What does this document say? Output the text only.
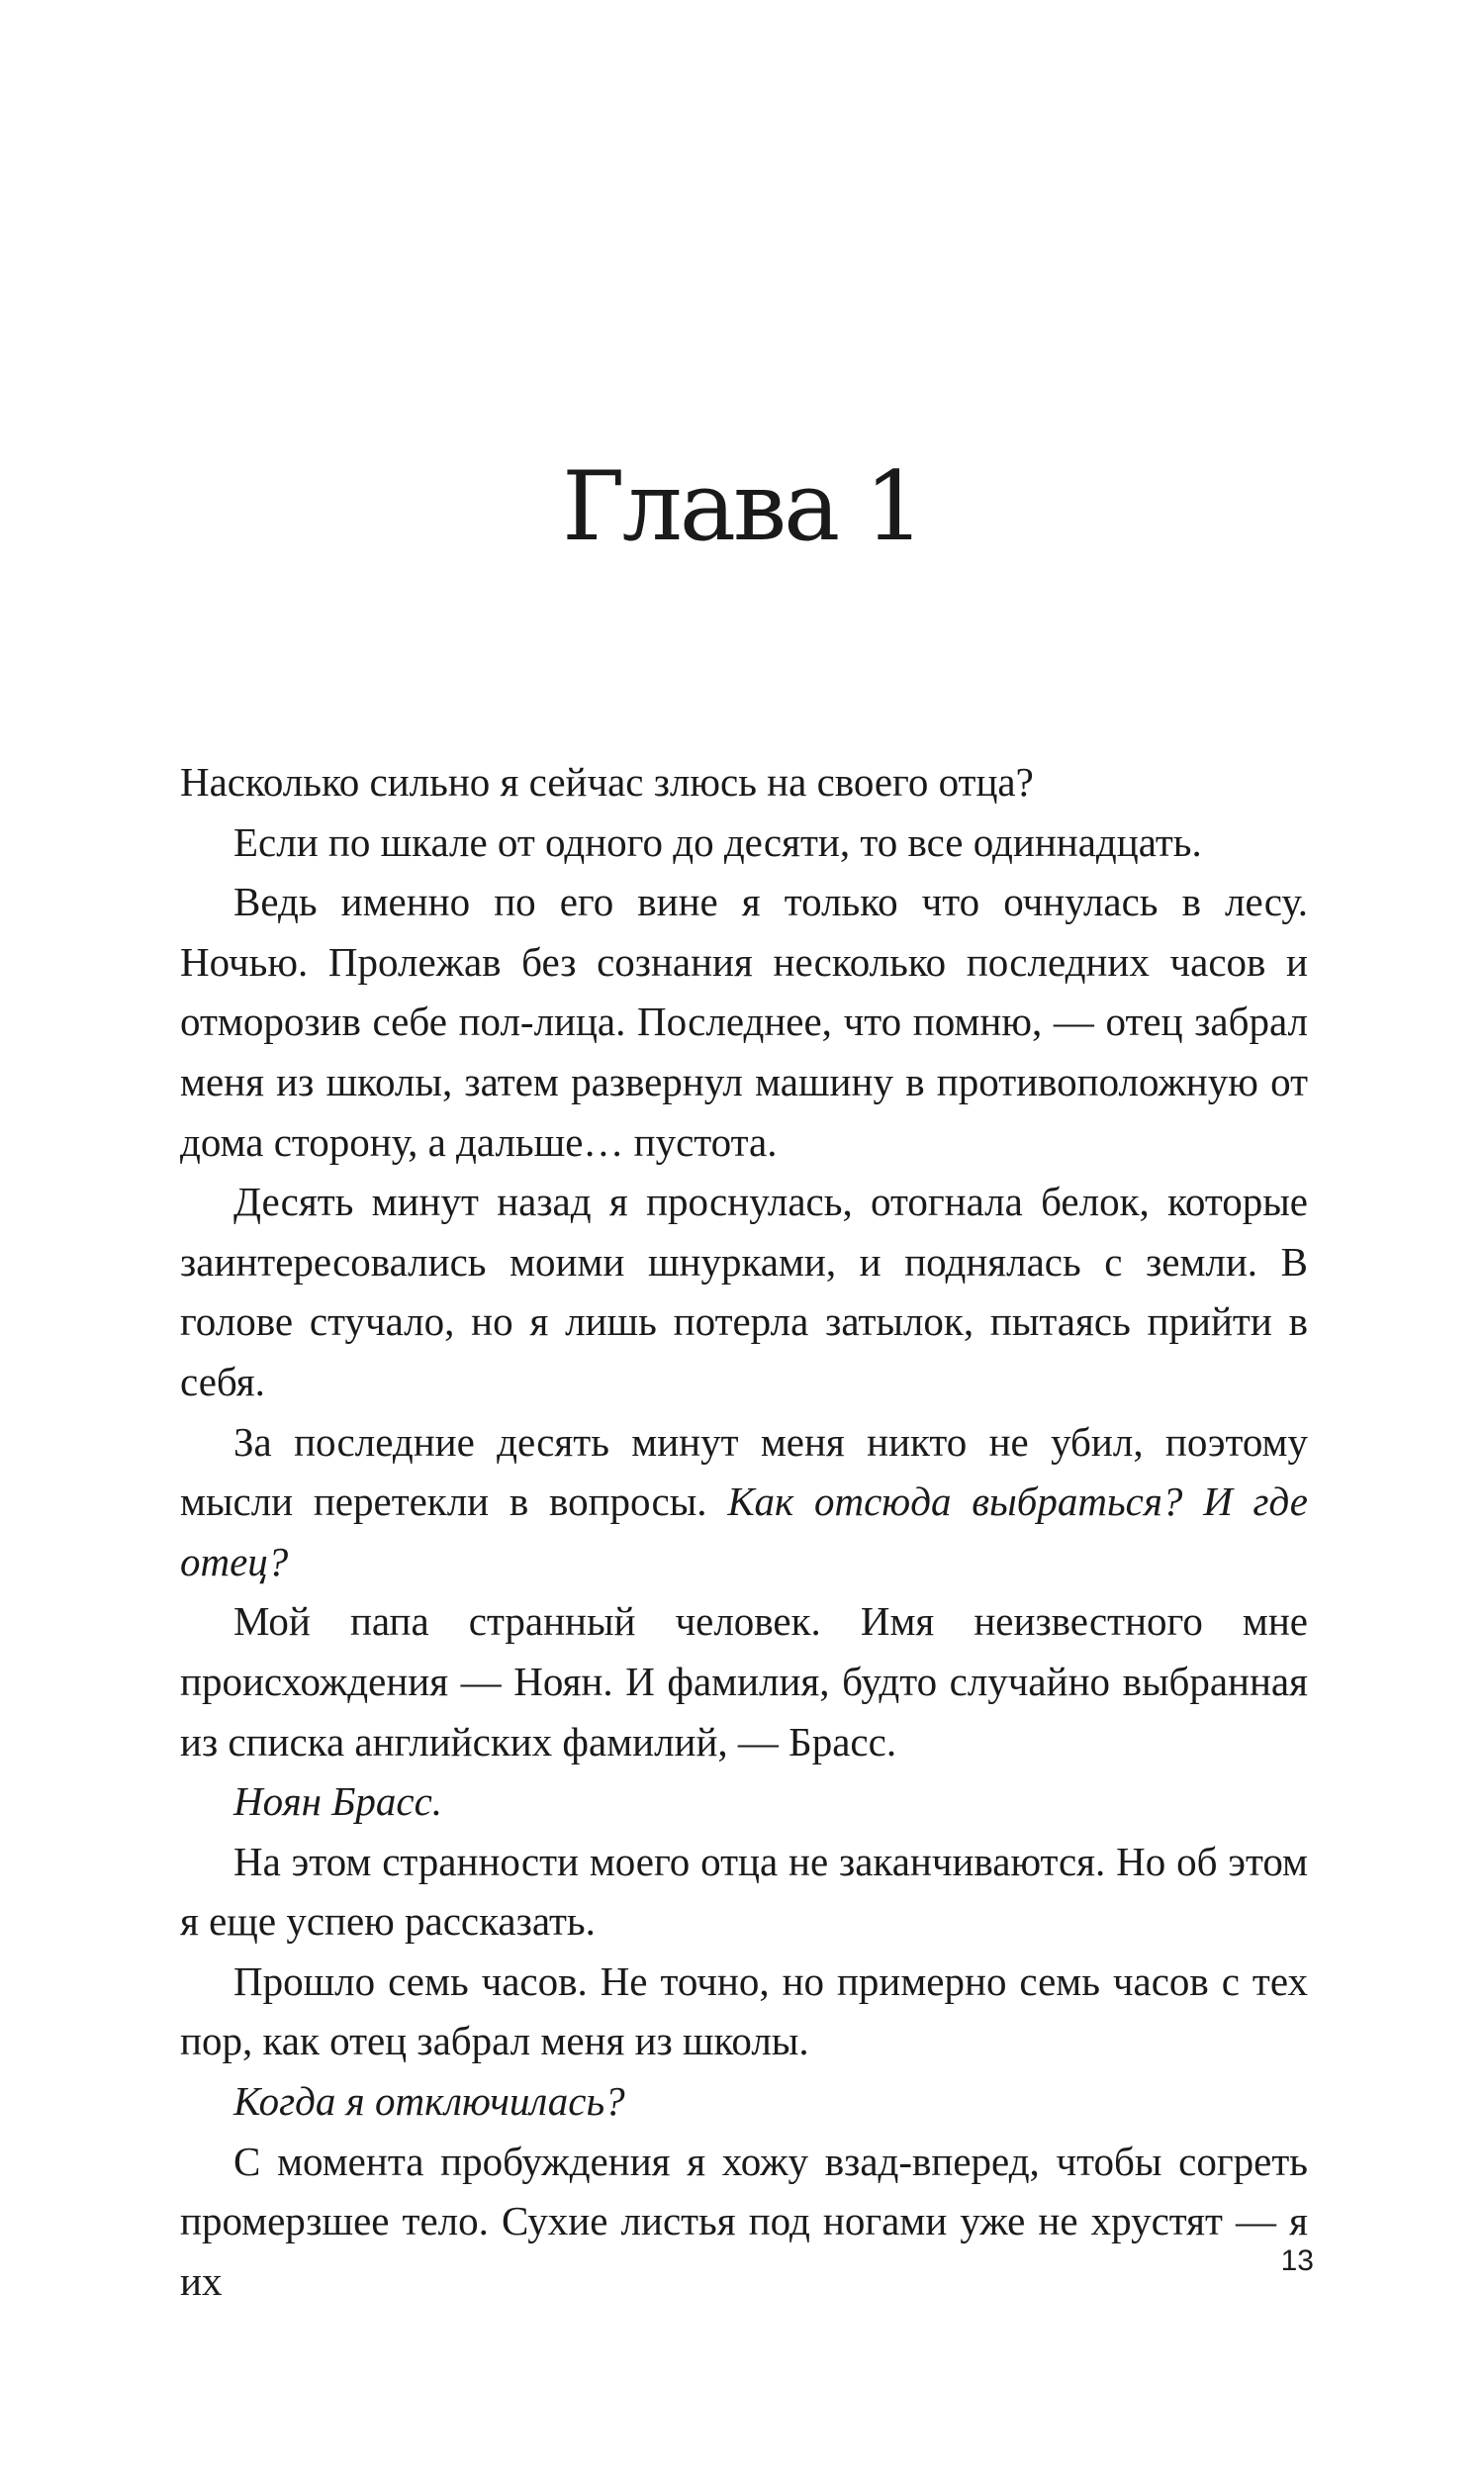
Глава 1

Насколько сильно я сейчас злюсь на своего отца?

Если по шкале от одного до десяти, то все одиннадцать.

Ведь именно по его вине я только что очнулась в лесу. Ночью. Пролежав без сознания несколько последних часов и отморозив себе пол-лица. Последнее, что помню, — отец забрал меня из школы, затем развернул машину в противоположную от дома сторону, а дальше… пустота.

Десять минут назад я проснулась, отогнала белок, которые заинтересовались моими шнурками, и поднялась с земли. В голове стучало, но я лишь потерла затылок, пытаясь прийти в себя.

За последние десять минут меня никто не убил, поэтому мысли перетекли в вопросы. Как отсюда выбраться? И где отец?

Мой папа странный человек. Имя неизвестного мне происхождения — Ноян. И фамилия, будто случайно выбранная из списка английских фамилий, — Брасс.

Ноян Брасс.

На этом странности моего отца не заканчиваются. Но об этом я еще успею рассказать.

Прошло семь часов. Не точно, но примерно семь часов с тех пор, как отец забрал меня из школы.

Когда я отключилась?

С момента пробуждения я хожу взад-вперед, чтобы согреть промерзшее тело. Сухие листья под ногами уже не хрустят — я их	13
